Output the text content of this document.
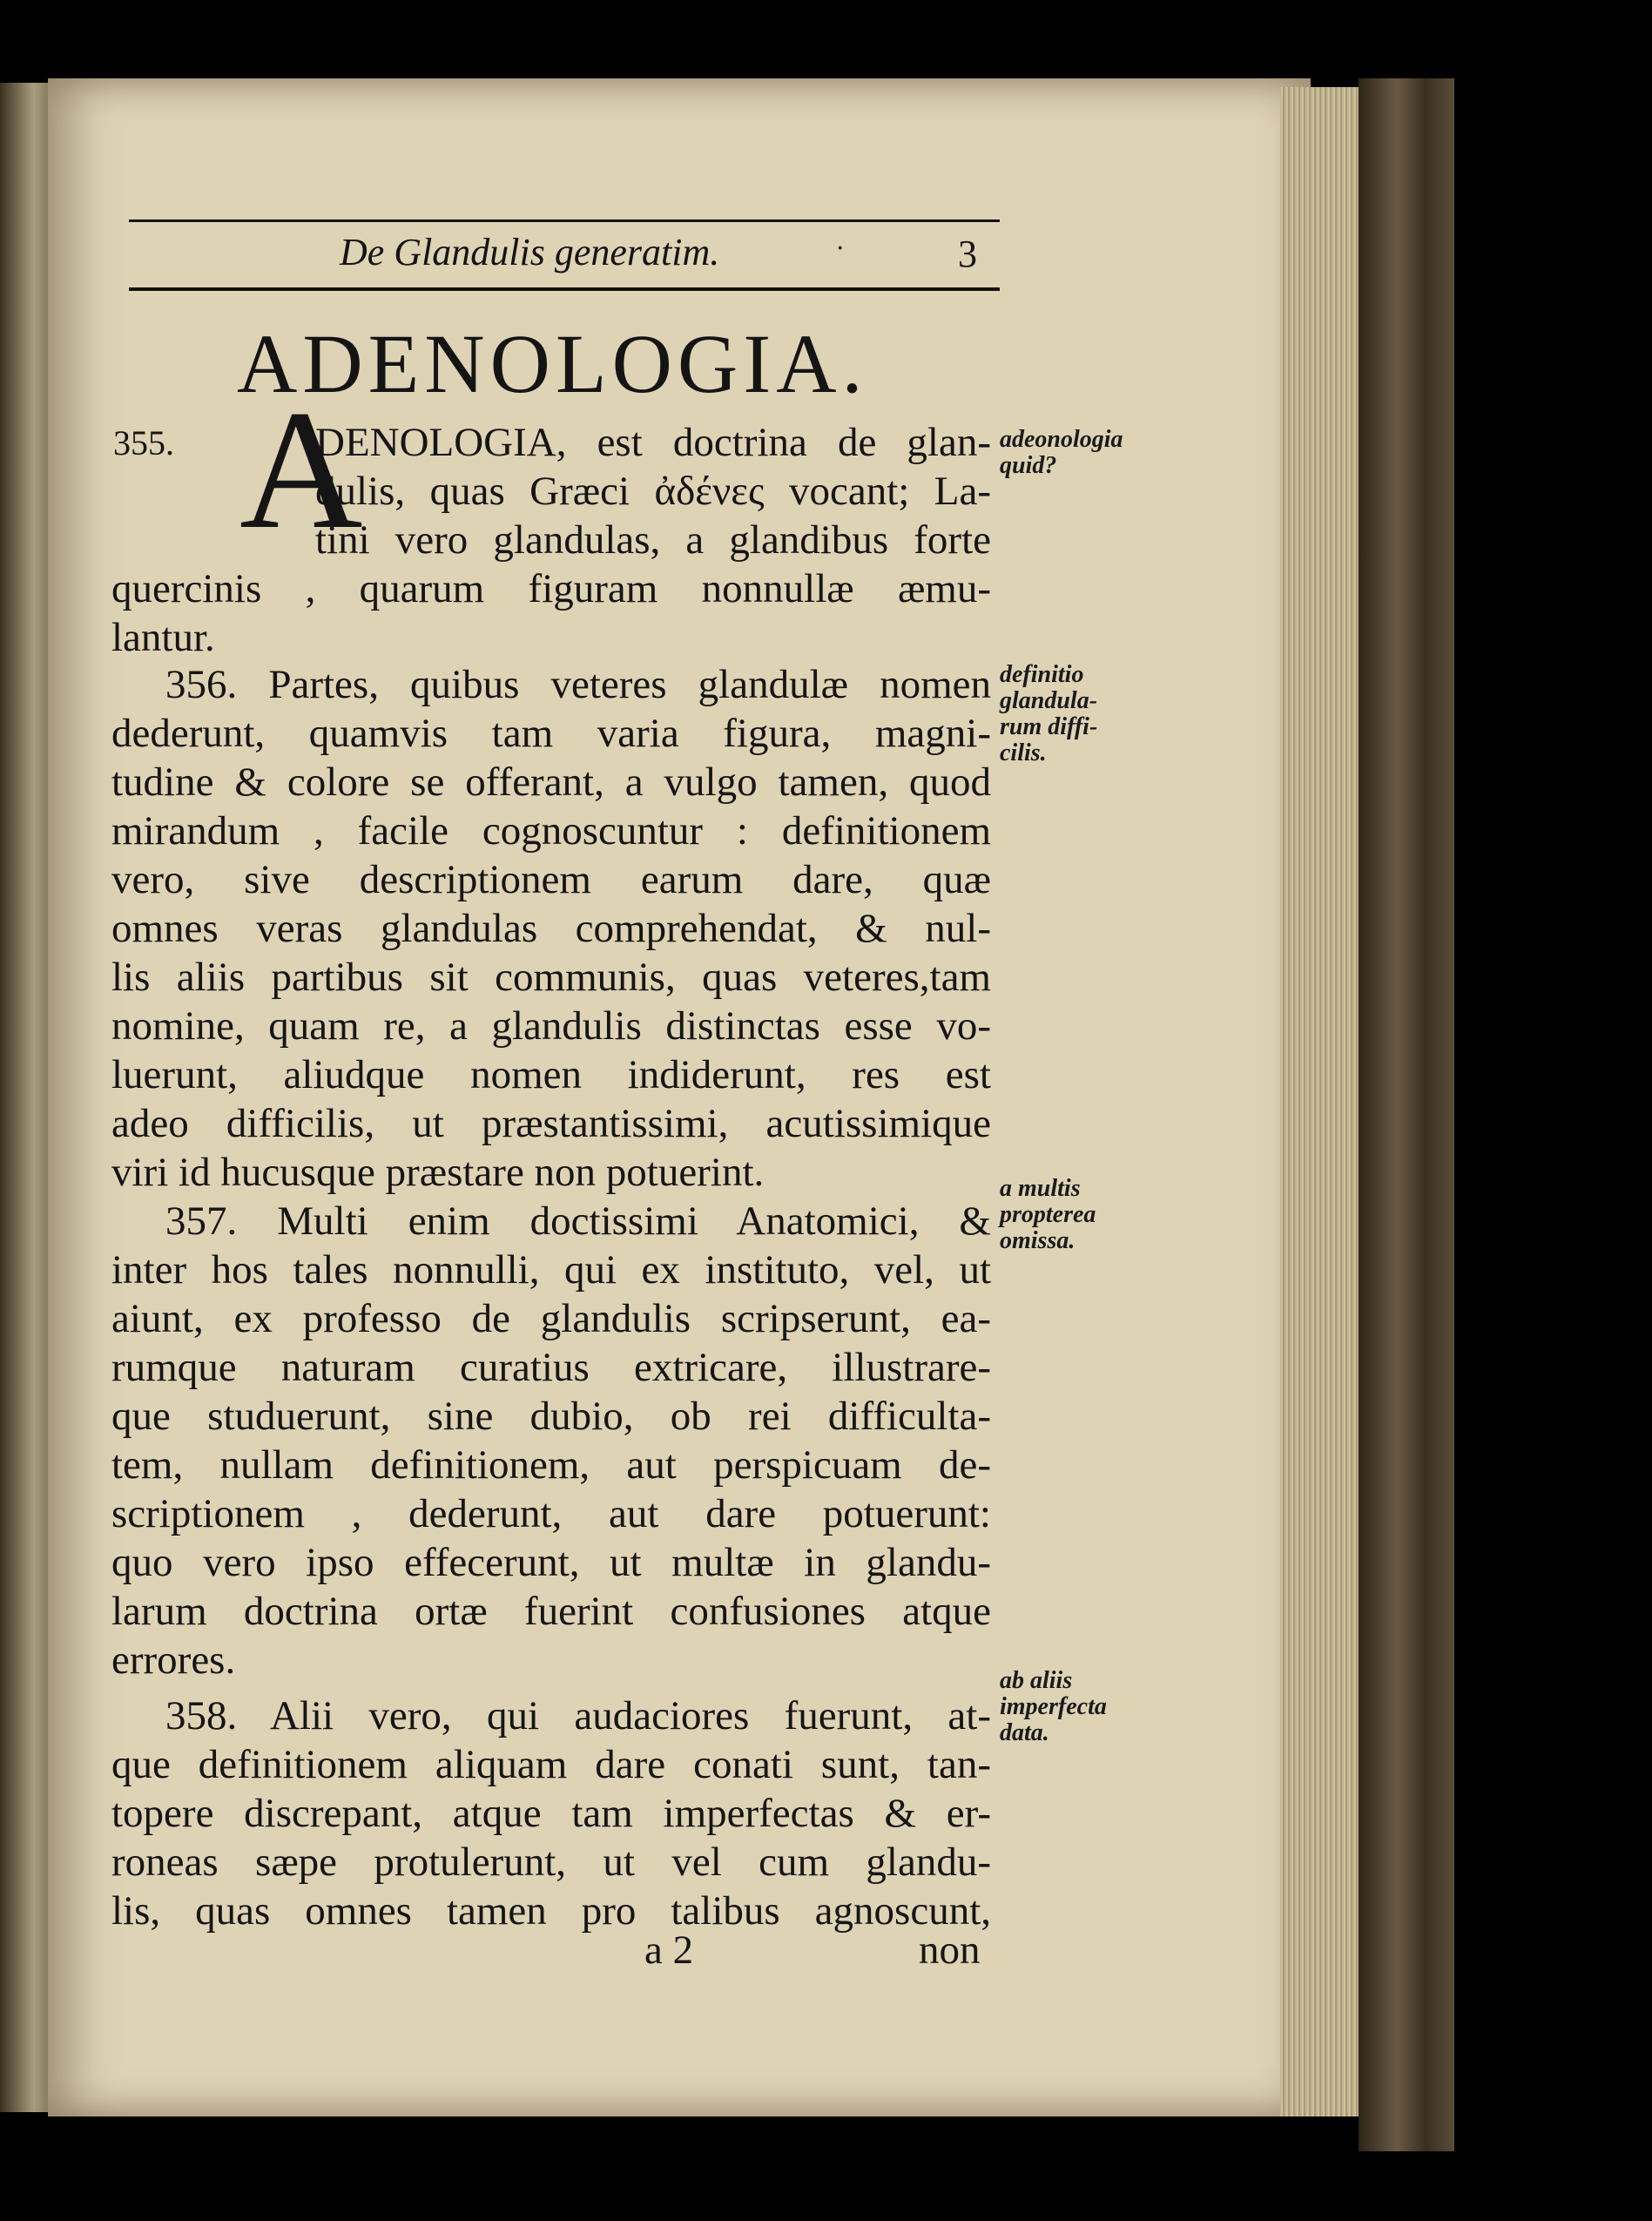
De Glandulis generatim.	·	3
ADENOLOGIA.
355. A
DENOLOGIA, est doctrina de glan-
dulis, quas Græci ἀδένες vocant; La-
tini vero glandulas, a glandibus forte
quercinis , quarum figuram nonnullæ æmu-
lantur.
356. Partes, quibus veteres glandulæ nomen
dederunt, quamvis tam varia figura, magni-
tudine & colore se offerant, a vulgo tamen, quod
mirandum , facile cognoscuntur : definitionem
vero, sive descriptionem earum dare, quæ
omnes veras glandulas comprehendat, & nul-
lis aliis partibus sit communis, quas veteres,tam
nomine, quam re, a glandulis distinctas esse vo-
luerunt, aliudque nomen indiderunt, res est
adeo difficilis, ut præstantissimi, acutissimique
viri id hucusque præstare non potuerint.
357. Multi enim doctissimi Anatomici, &
inter hos tales nonnulli, qui ex instituto, vel, ut
aiunt, ex professo de glandulis scripserunt, ea-
rumque naturam curatius extricare, illustrare-
que studuerunt, sine dubio, ob rei difficulta-
tem, nullam definitionem, aut perspicuam de-
scriptionem , dederunt, aut dare potuerunt:
quo vero ipso effecerunt, ut multæ in glandu-
larum doctrina ortæ fuerint confusiones atque
errores.
358. Alii vero, qui audaciores fuerunt, at-
que definitionem aliquam dare conati sunt, tan-
topere discrepant, atque tam imperfectas & er-
roneas sæpe protulerunt, ut vel cum glandu-
lis, quas omnes tamen pro talibus agnoscunt,
adeonologia
quid?
definitio
glandula-
rum diffi-
cilis.
a multis
propterea
omissa.
ab aliis
imperfecta
data.
a 2	non
